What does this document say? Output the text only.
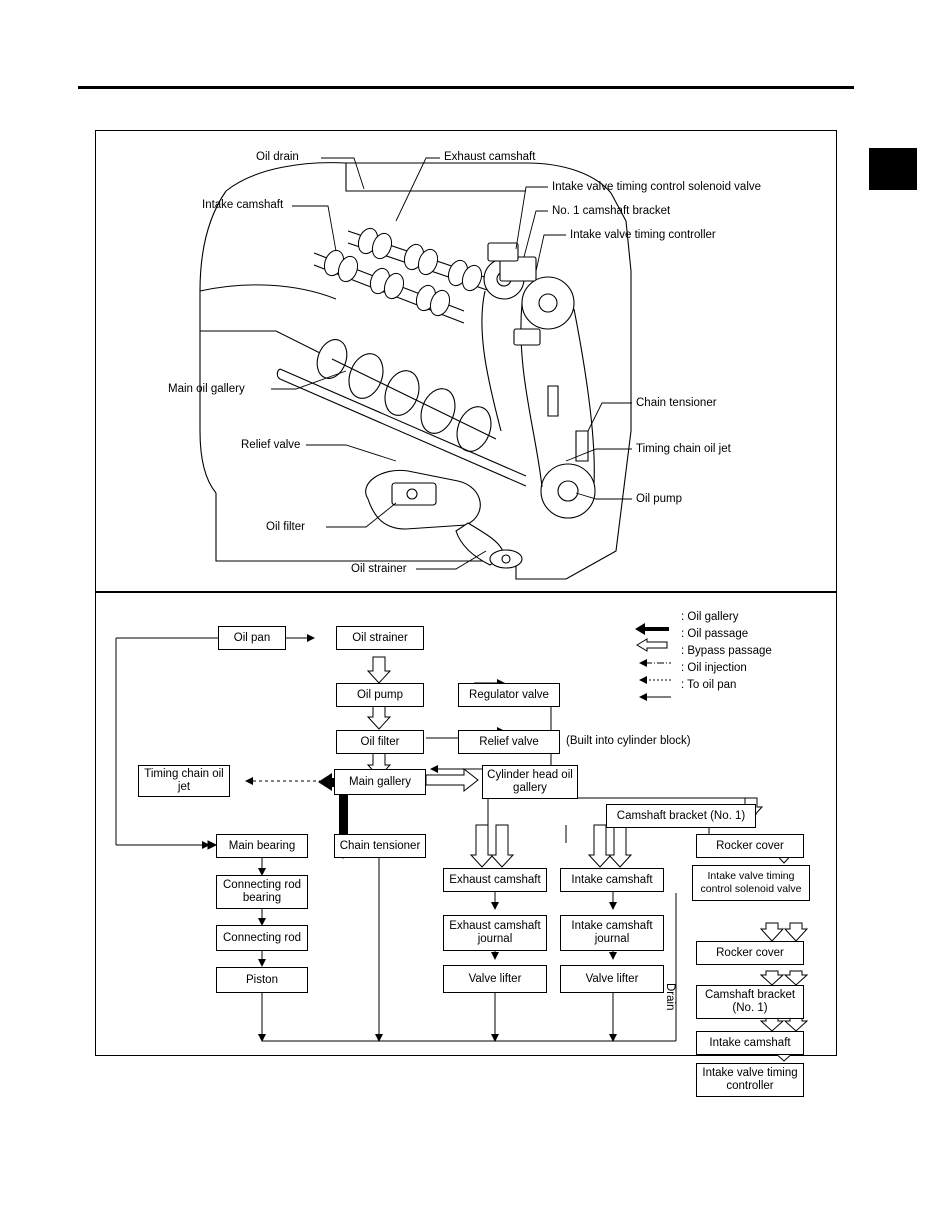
Oil drain	Exhaust camshaft
Intake valve timing control solenoid valve
No. 1 camshaft bracket
Intake valve timing controller
Intake camshaft
Main oil gallery
Chain tensioner
Relief valve	Timing chain oil jet
Oil pump
Oil filter
Oil strainer
: Oil gallery
: Oil passage
: Bypass passage
: Oil injection
: To oil pan
Drain
Oil pan	Oil strainer
Oil pump	Regulator valve
Oil filter	Relief valve	(Built into cylinder block)
Timing chain oil jet	Main gallery
Cylinder head oil gallery
Camshaft bracket (No. 1)
Main bearing	Chain tensioner	Rocker cover
Connecting rod bearing
Exhaust camshaft	Intake camshaft	Intake valve timing control solenoid valve
Connecting rod
Exhaust camshaft journal
Intake camshaft journal
Rocker cover
Piston	Valve lifter	Valve lifter
Camshaft bracket (No. 1)
Intake camshaft
Intake valve timing controller
